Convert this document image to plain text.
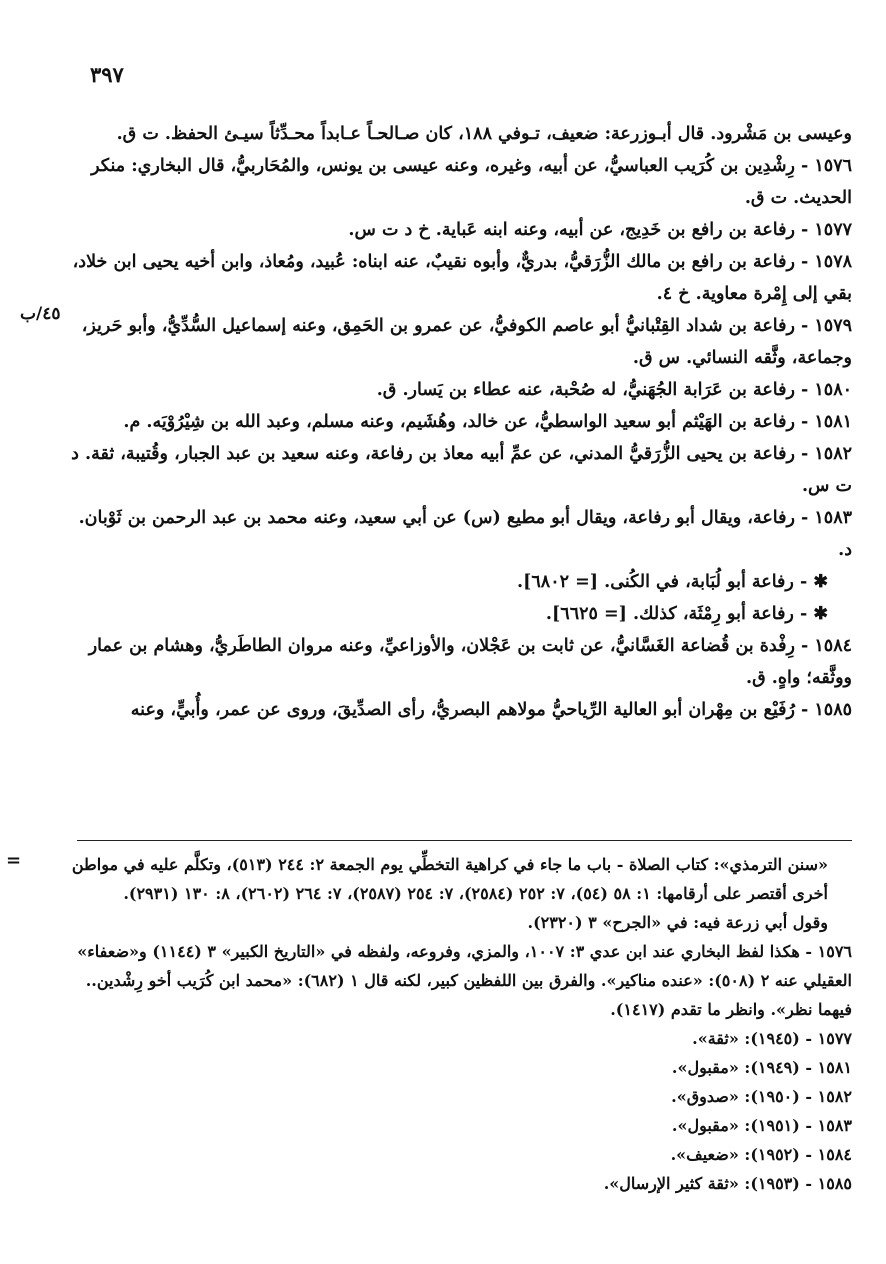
٣٩٧
٤٥/ب

وعيسى بن مَشْرود. قال أبـوزرعة: ضعيف، تـوفي ١٨٨، كان صـالحـاً عـابداً محـدِّثاً سيـئ الحفظ. ت ق.

١٥٧٦ - رِشْدِين بن كُرَيب العباسيُّ، عن أبيه، وغيره، وعنه عيسى بن يونس، والمُحَاربيُّ، قال البخاري: منكر الحديث. ت ق.

١٥٧٧ - رفاعة بن رافع بن خَدِيج، عن أبيه، وعنه ابنه عَباية. خ د ت س.

١٥٧٨ - رفاعة بن رافع بن مالك الزُّرَقيُّ، بدريٌّ، وأبوه نقيبٌ، عنه ابناه: عُبيد، ومُعاذ، وابن أخيه يحيى ابن خلاد، بقي إلى إِمْرة معاوية. خ ٤.

١٥٧٩ - رفاعة بن شداد القِتْبانيُّ أبو عاصم الكوفيُّ، عن عمرو بن الحَمِق، وعنه إسماعيل السُّدِّيُّ، وأبو حَريز، وجماعة، وثَّقه النسائي. س ق.

١٥٨٠ - رفاعة بن عَرَابة الجُهَنيُّ، له صُحْبة، عنه عطاء بن يَسار. ق.

١٥٨١ - رفاعة بن الهَيْثم أبو سعيد الواسطيُّ، عن خالد، وهُشَيم، وعنه مسلم، وعبد الله بن شِيْرُوْيَه. م.

١٥٨٢ - رفاعة بن يحيى الزُّرَقيُّ المدني، عن عمِّ أبيه معاذ بن رفاعة، وعنه سعيد بن عبد الجبار، وقُتيبة، ثقة. د ت س.

١٥٨٣ - رفاعة، ويقال أبو رفاعة، ويقال أبو مطيع (س) عن أبي سعيد، وعنه محمد بن عبد الرحمن بن ثَوْبان. د.

✱ - رفاعة أبو لُبَابة، في الكُنى. [= ٦٨٠٢].

✱ - رفاعة أبو رِمْثَة، كذلك. [= ٦٦٢٥].

١٥٨٤ - رِفْدة بن قُضاعة الغَسَّانيُّ، عن ثابت بن عَجْلان، والأوزاعيِّ، وعنه مروان الطاطَريُّ، وهشام بن عمار ووثَّقه؛ واهٍ. ق.

١٥٨٥ - رُفَيْع بن مِهْران أبو العالية الرِّياحيُّ مولاهم البصريُّ، رأى الصدِّيقَ، وروى عن عمر، وأُبيٍّ، وعنه

=	«سنن الترمذي»: كتاب الصلاة - باب ما جاء في كراهية التخطِّي يوم الجمعة ٢: ٢٤٤ (٥١٣)، وتكلَّم عليه في مواطن أخرى أقتصر على أرقامها: ١: ٥٨ (٥٤)، ٧: ٢٥٢ (٢٥٨٤)، ٧: ٢٥٤ (٢٥٨٧)، ٧: ٢٦٤ (٢٦٠٢)، ٨: ١٣٠ (٢٩٣١).

وقول أبي زرعة فيه: في «الجرح» ٣ (٢٣٢٠).

١٥٧٦ - هكذا لفظ البخاري عند ابن عدي ٣: ١٠٠٧، والمزي، وفروعه، ولفظه في «التاريخ الكبير» ٣ (١١٤٤) و«ضعفاء» العقيلي عنه ٢ (٥٠٨): «عنده مناكير». والفرق بين اللفظين كبير، لكنه قال ١ (٦٨٢): «محمد ابن كُرَيب أخو رِشْدين.. فيهما نظر». وانظر ما تقدم (١٤١٧).

١٥٧٧ - (١٩٤٥): «ثقة».

١٥٨١ - (١٩٤٩): «مقبول».

١٥٨٢ - (١٩٥٠): «صدوق».

١٥٨٣ - (١٩٥١): «مقبول».

١٥٨٤ - (١٩٥٢): «ضعيف».

١٥٨٥ - (١٩٥٣): «ثقة كثير الإرسال».
